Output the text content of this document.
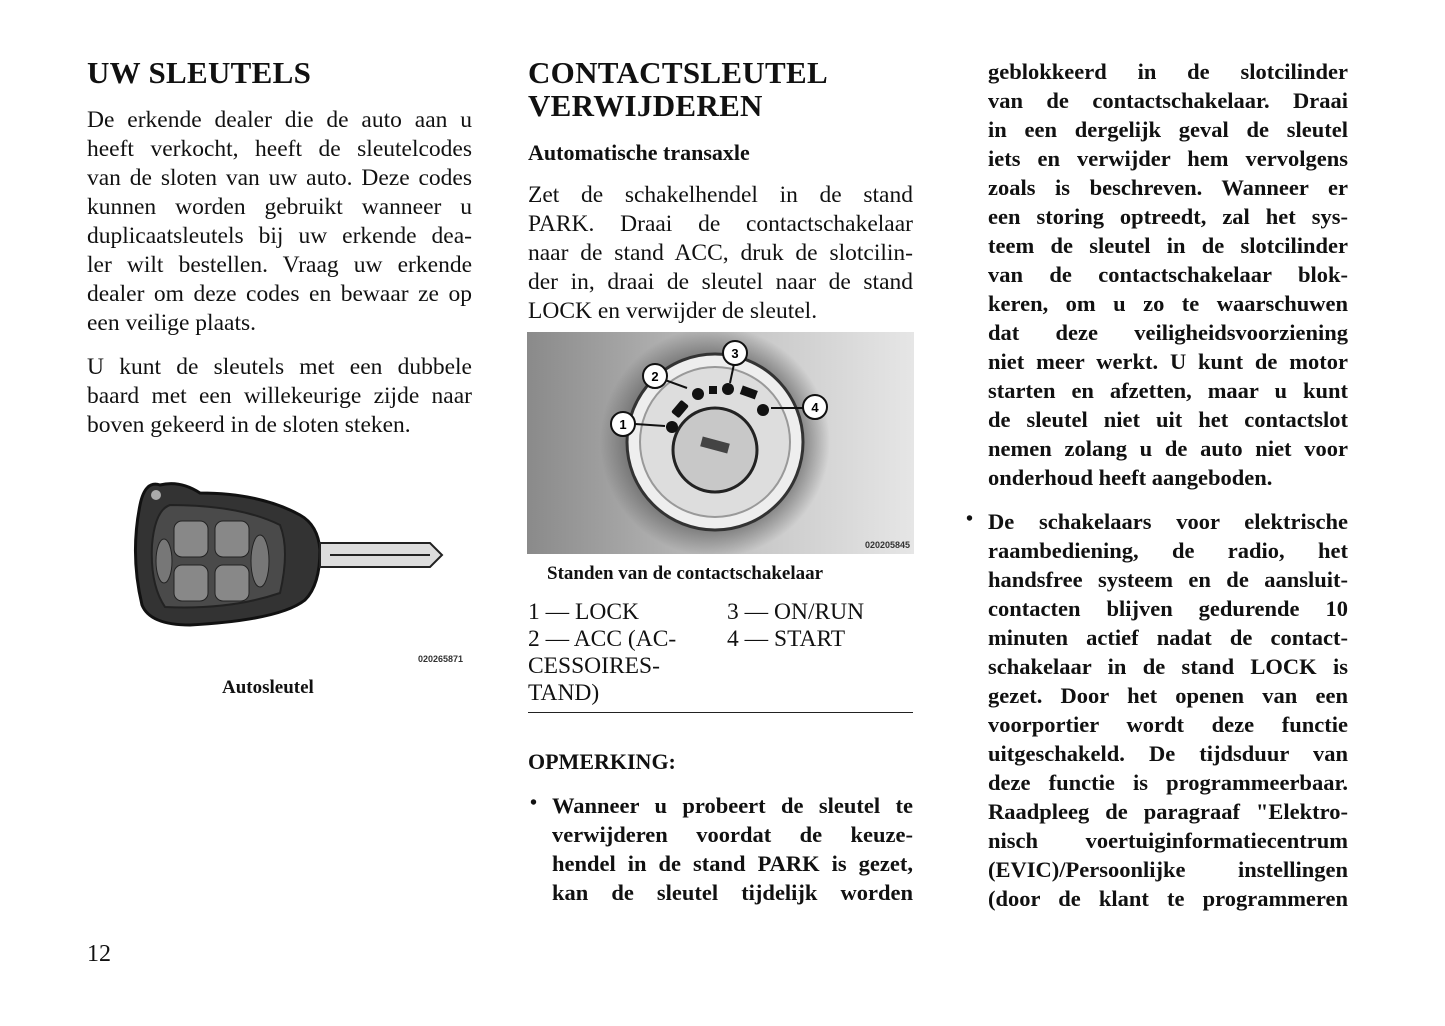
UW SLEUTELS
De erkende dealer die de auto aan u
heeft verkocht, heeft de sleutelcodes
van de sloten van uw auto. Deze codes
kunnen worden gebruikt wanneer u
duplicaatsleutels bij uw erkende dea-
ler wilt bestellen. Vraag uw erkende
dealer om deze codes en bewaar ze op
een veilige plaats.
U kunt de sleutels met een dubbele
baard met een willekeurige zijde naar
boven gekeerd in de sloten steken.
020265871
Autosleutel
CONTACTSLEUTEL
VERWIJDEREN
Automatische transaxle
Zet de schakelhendel in de stand
PARK. Draai de contactschakelaar
naar de stand ACC, druk de slotcilin-
der in, draai de sleutel naar de stand
LOCK en verwijder de sleutel.
1
2
3
4
020205845
Standen van de contactschakelaar
1 — LOCK
2 — ACC (AC-
CESSOIRES-
TAND)
3 — ON/RUN
4 — START
OPMERKING:
• Wanneer u probeert de sleutel te
verwijderen voordat de keuze-
hendel in de stand PARK is gezet,
kan de sleutel tijdelijk worden
geblokkeerd in de slotcilinder
van de contactschakelaar. Draai
in een dergelijk geval de sleutel
iets en verwijder hem vervolgens
zoals is beschreven. Wanneer er
een storing optreedt, zal het sys-
teem de sleutel in de slotcilinder
van de contactschakelaar blok-
keren, om u zo te waarschuwen
dat deze veiligheidsvoorziening
niet meer werkt. U kunt de motor
starten en afzetten, maar u kunt
de sleutel niet uit het contactslot
nemen zolang u de auto niet voor
onderhoud heeft aangeboden.
• De schakelaars voor elektrische
raambediening, de radio, het
handsfree systeem en de aansluit-
contacten blijven gedurende 10
minuten actief nadat de contact-
schakelaar in de stand LOCK is
gezet. Door het openen van een
voorportier wordt deze functie
uitgeschakeld. De tijdsduur van
deze functie is programmeerbaar.
Raadpleeg de paragraaf "Elektro-
nisch voertuiginformatiecentrum
(EVIC)/Persoonlijke instellingen
(door de klant te programmeren
12
